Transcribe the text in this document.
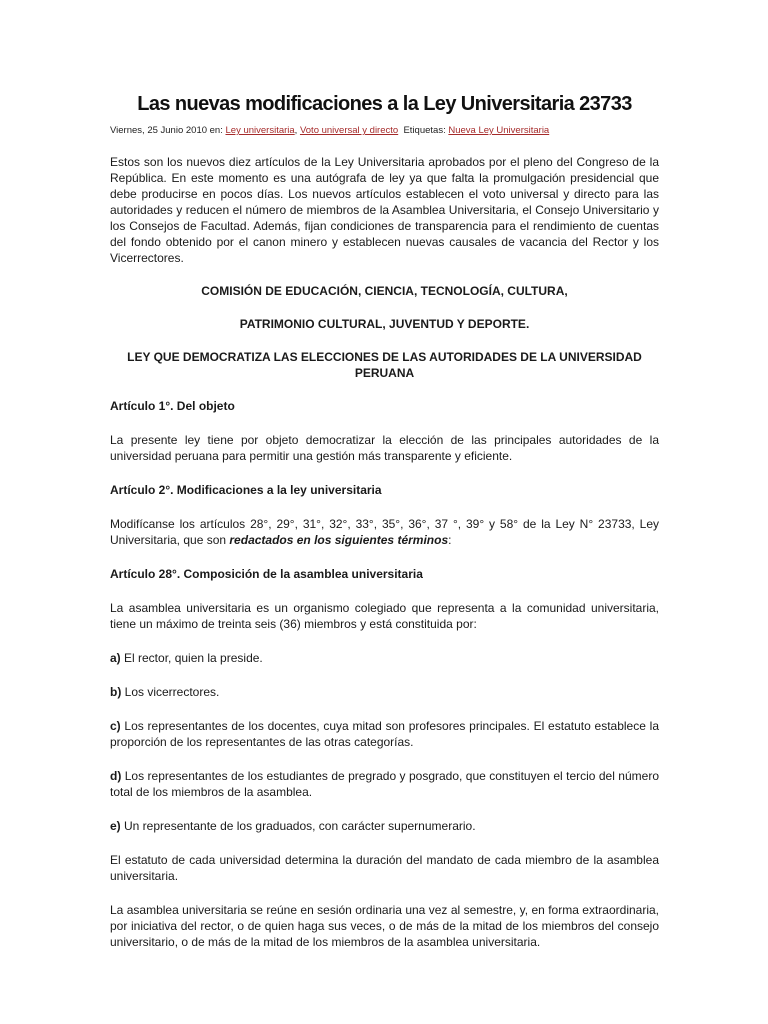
Las nuevas modificaciones a la Ley Universitaria 23733
Viernes, 25 Junio 2010 en: Ley universitaria, Voto universal y directo  Etiquetas: Nueva Ley Universitaria

Estos son los nuevos diez artículos de la Ley Universitaria aprobados por el pleno del Congreso de la República. En este momento es una autógrafa de ley ya que falta la promulgación presidencial que debe producirse en pocos días. Los nuevos artículos establecen el voto universal y directo para las autoridades y reducen el número de miembros de la Asamblea Universitaria, el Consejo Universitario y los Consejos de Facultad. Además, fijan condiciones de transparencia para el rendimiento de cuentas del fondo obtenido por el canon minero y establecen nuevas causales de vacancia del Rector y los Vicerrectores.

COMISIÓN DE EDUCACIÓN, CIENCIA, TECNOLOGÍA, CULTURA,

PATRIMONIO CULTURAL, JUVENTUD Y DEPORTE.

LEY QUE DEMOCRATIZA LAS ELECCIONES DE LAS AUTORIDADES DE LA UNIVERSIDAD PERUANA

Artículo 1°. Del objeto

La presente ley tiene por objeto democratizar la elección de las principales autoridades de la universidad peruana para permitir una gestión más transparente y eficiente.

Artículo 2°. Modificaciones a la ley universitaria

Modifícanse los artículos 28°, 29°, 31°, 32°, 33°, 35°, 36°, 37 °, 39° y 58° de la Ley N° 23733, Ley Universitaria, que son redactados en los siguientes términos:

Artículo 28°. Composición de la asamblea universitaria

La asamblea universitaria es un organismo colegiado que representa a la comunidad universitaria, tiene un máximo de treinta seis (36) miembros y está constituida por:

a) El rector, quien la preside.

b) Los vicerrectores.

c) Los representantes de los docentes, cuya mitad son profesores principales. El estatuto establece la proporción de los representantes de las otras categorías.

d) Los representantes de los estudiantes de pregrado y posgrado, que constituyen el tercio del número total de los miembros de la asamblea.

e) Un representante de los graduados, con carácter supernumerario.

El estatuto de cada universidad determina la duración del mandato de cada miembro de la asamblea universitaria.

La asamblea universitaria se reúne en sesión ordinaria una vez al semestre, y, en forma extraordinaria, por iniciativa del rector, o de quien haga sus veces, o de más de la mitad de los miembros del consejo universitario, o de más de la mitad de los miembros de la asamblea universitaria.
